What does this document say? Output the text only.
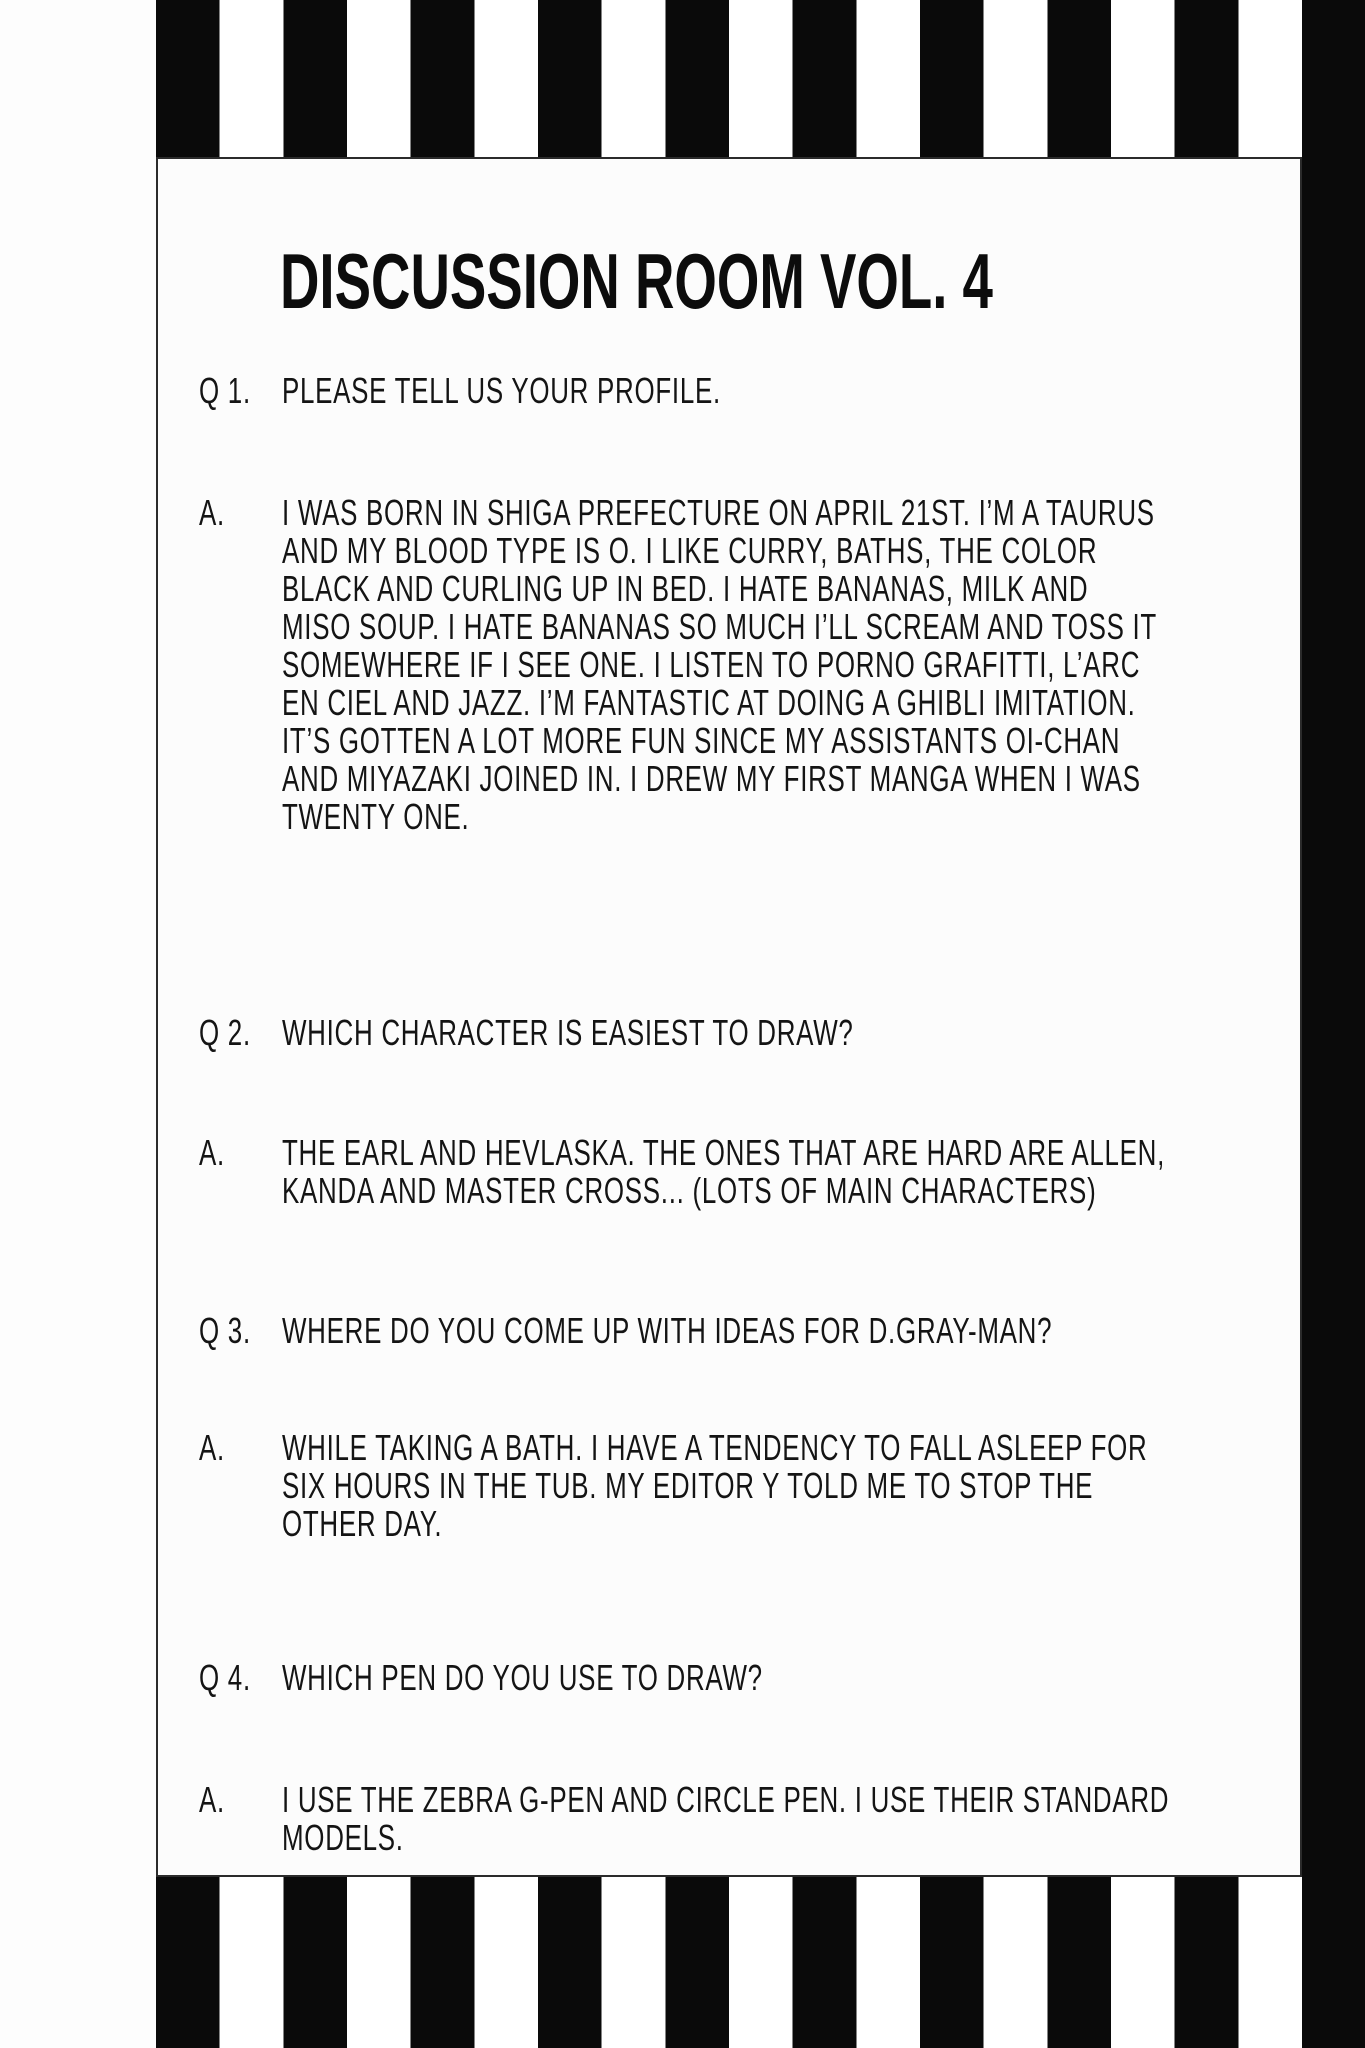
DISCUSSION ROOM VOL. 4
Q 1. PLEASE TELL US YOUR PROFILE.
A. I WAS BORN IN SHIGA PREFECTURE ON APRIL 21ST. I’M A TAURUS
AND MY BLOOD TYPE IS O. I LIKE CURRY, BATHS, THE COLOR
BLACK AND CURLING UP IN BED. I HATE BANANAS, MILK AND
MISO SOUP. I HATE BANANAS SO MUCH I’LL SCREAM AND TOSS IT
SOMEWHERE IF I SEE ONE. I LISTEN TO PORNO GRAFITTI, L’ARC
EN CIEL AND JAZZ. I’M FANTASTIC AT DOING A GHIBLI IMITATION.
IT’S GOTTEN A LOT MORE FUN SINCE MY ASSISTANTS OI-CHAN
AND MIYAZAKI JOINED IN. I DREW MY FIRST MANGA WHEN I WAS
TWENTY ONE.
Q 2. WHICH CHARACTER IS EASIEST TO DRAW?
A. THE EARL AND HEVLASKA. THE ONES THAT ARE HARD ARE ALLEN,
KANDA AND MASTER CROSS... (LOTS OF MAIN CHARACTERS)
Q 3. WHERE DO YOU COME UP WITH IDEAS FOR D.GRAY-MAN?
A. WHILE TAKING A BATH. I HAVE A TENDENCY TO FALL ASLEEP FOR
SIX HOURS IN THE TUB. MY EDITOR Y TOLD ME TO STOP THE
OTHER DAY.
Q 4. WHICH PEN DO YOU USE TO DRAW?
A. I USE THE ZEBRA G-PEN AND CIRCLE PEN. I USE THEIR STANDARD
MODELS.
